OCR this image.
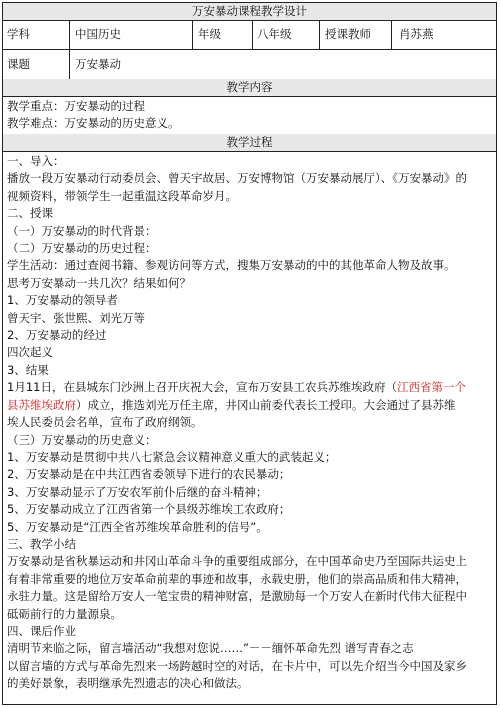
万安暴动课程教学设计
学科	中国历史	年级	八年级	授课教师	肖苏燕
课题	万安暴动
教学内容
教学重点：万安暴动的过程
教学难点：万安暴动的历史意义。
教学过程
一、导入：
播放一段万安暴动行动委员会、曾天宇故居、万安博物馆（万安暴动展厅）、《万安暴动》的
视频资料，带领学生一起重温这段革命岁月。
二、授课
（一）万安暴动的时代背景：
（二）万安暴动的历史过程：
学生活动：通过查阅书籍、参观访问等方式，搜集万安暴动的中的其他革命人物及故事。
思考万安暴动一共几次？结果如何？
1、万安暴动的领导者
曾天宇、张世熙、刘光万等
2、万安暴动的经过
四次起义
3、结果
1月11日，在县城东门沙洲上召开庆祝大会，宣布万安县工农兵苏维埃政府（江西省第一个
县苏维埃政府）成立，推选刘光万任主席，井冈山前委代表长工授印。大会通过了县苏维
埃人民委员会名单，宣布了政府纲领。
（三）万安暴动的历史意义：
1、万安暴动是贯彻中共八七紧急会议精神意义重大的武装起义；
2、万安暴动是在中共江西省委领导下进行的农民暴动；
3、万安暴动显示了万安农军前仆后继的奋斗精神；
5、万安暴动成立了江西省第一个县级苏维埃工农政府；
5、万安暴动是“江西全省苏维埃革命胜利的信号”。
三、教学小结
万安暴动是省秋暴运动和井冈山革命斗争的重要组成部分，在中国革命史乃至国际共运史上
有着非常重要的地位万安革命前辈的事迹和故事，永载史册，他们的崇高品质和伟大精神，
永驻力量。这是留给万安人一笔宝贵的精神财富，是激励每一个万安人在新时代伟大征程中
砥砺前行的力量源泉。
四、课后作业
清明节来临之际，留言墙活动“我想对您说……”－－缅怀革命先烈 谱写青春之志
以留言墙的方式与革命先烈来一场跨越时空的对话，在卡片中，可以先介绍当今中国及家乡
的美好景象，表明继承先烈遗志的决心和做法。
